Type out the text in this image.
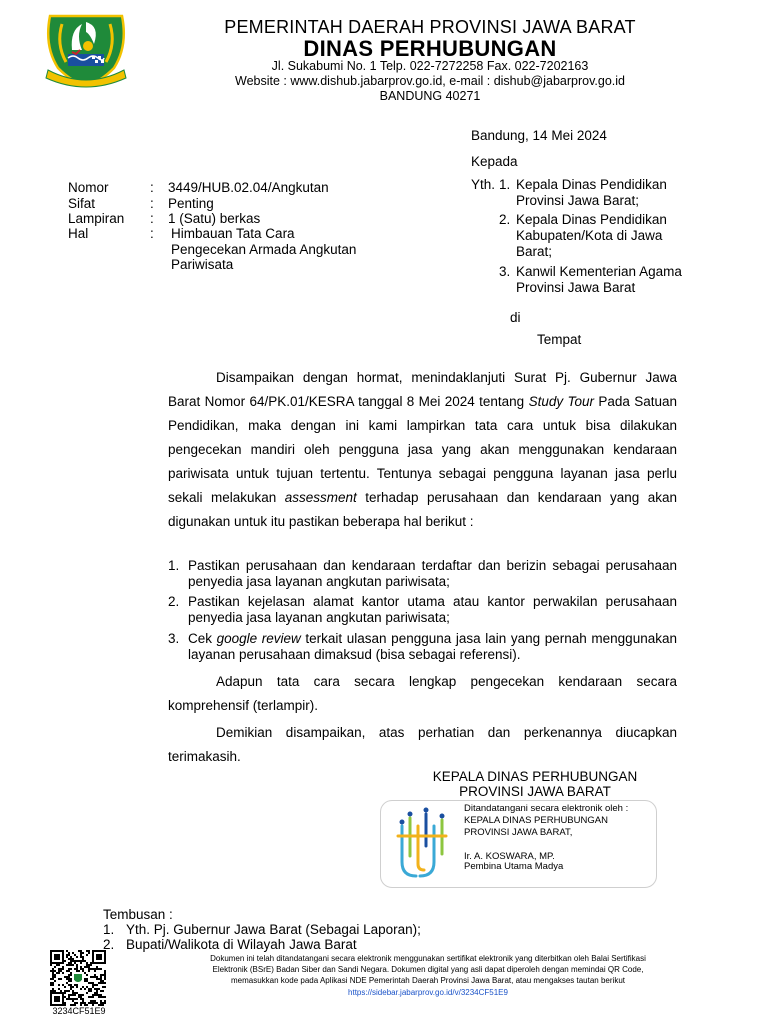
PEMERINTAH DAERAH PROVINSI JAWA BARAT
DINAS PERHUBUNGAN
Jl. Sukabumi No. 1 Telp. 022-7272258 Fax. 022-7202163
Website : www.dishub.jabarprov.go.id, e-mail : dishub@jabarprov.go.id
BANDUNG 40271
Bandung, 14 Mei 2024
Kepada
Yth. 1. Kepala Dinas Pendidikan
Provinsi Jawa Barat;
2. Kepala Dinas Pendidikan
Kabupaten/Kota di Jawa
Barat;
3. Kanwil Kementerian Agama
Provinsi Jawa Barat
di
Tempat
Nomor	: 3449/HUB.02.04/Angkutan
Sifat	: Penting
Lampiran : 1 (Satu) berkas
Hal	: Himbauan Tata Cara
Pengecekan Armada Angkutan
Pariwisata
Disampaikan dengan hormat, menindaklanjuti Surat Pj. Gubernur Jawa Barat Nomor 64/PK.01/KESRA tanggal 8 Mei 2024 tentang Study Tour Pada Satuan Pendidikan, maka dengan ini kami lampirkan tata cara untuk bisa dilakukan pengecekan mandiri oleh pengguna jasa yang akan menggunakan kendaraan pariwisata untuk tujuan tertentu. Tentunya sebagai pengguna layanan jasa perlu sekali melakukan assessment terhadap perusahaan dan kendaraan yang akan digunakan untuk itu pastikan beberapa hal berikut :
1. Pastikan perusahaan dan kendaraan terdaftar dan berizin sebagai perusahaan penyedia jasa layanan angkutan pariwisata;
2. Pastikan kejelasan alamat kantor utama atau kantor perwakilan perusahaan penyedia jasa layanan angkutan pariwisata;
3. Cek google review terkait ulasan pengguna jasa lain yang pernah menggunakan layanan perusahaan dimaksud (bisa sebagai referensi).
Adapun tata cara secara lengkap pengecekan kendaraan secara komprehensif (terlampir).
Demikian disampaikan, atas perhatian dan perkenannya diucapkan terimakasih.
KEPALA DINAS PERHUBUNGAN
PROVINSI JAWA BARAT
Ditandatangani secara elektronik oleh :
KEPALA DINAS PERHUBUNGAN
PROVINSI JAWA BARAT,
Ir. A. KOSWARA, MP.
Pembina Utama Madya
Tembusan :
1. Yth. Pj. Gubernur Jawa Barat (Sebagai Laporan);
2. Bupati/Walikota di Wilayah Jawa Barat
3234CF51E9
Dokumen ini telah ditandatangani secara elektronik menggunakan sertifikat elektronik yang diterbitkan oleh Balai Sertifikasi
Elektronik (BSrE) Badan Siber dan Sandi Negara. Dokumen digital yang asli dapat diperoleh dengan memindai QR Code,
memasukkan kode pada Aplikasi NDE Pemerintah Daerah Provinsi Jawa Barat, atau mengakses tautan berikut
https://sidebar.jabarprov.go.id/v/3234CF51E9
